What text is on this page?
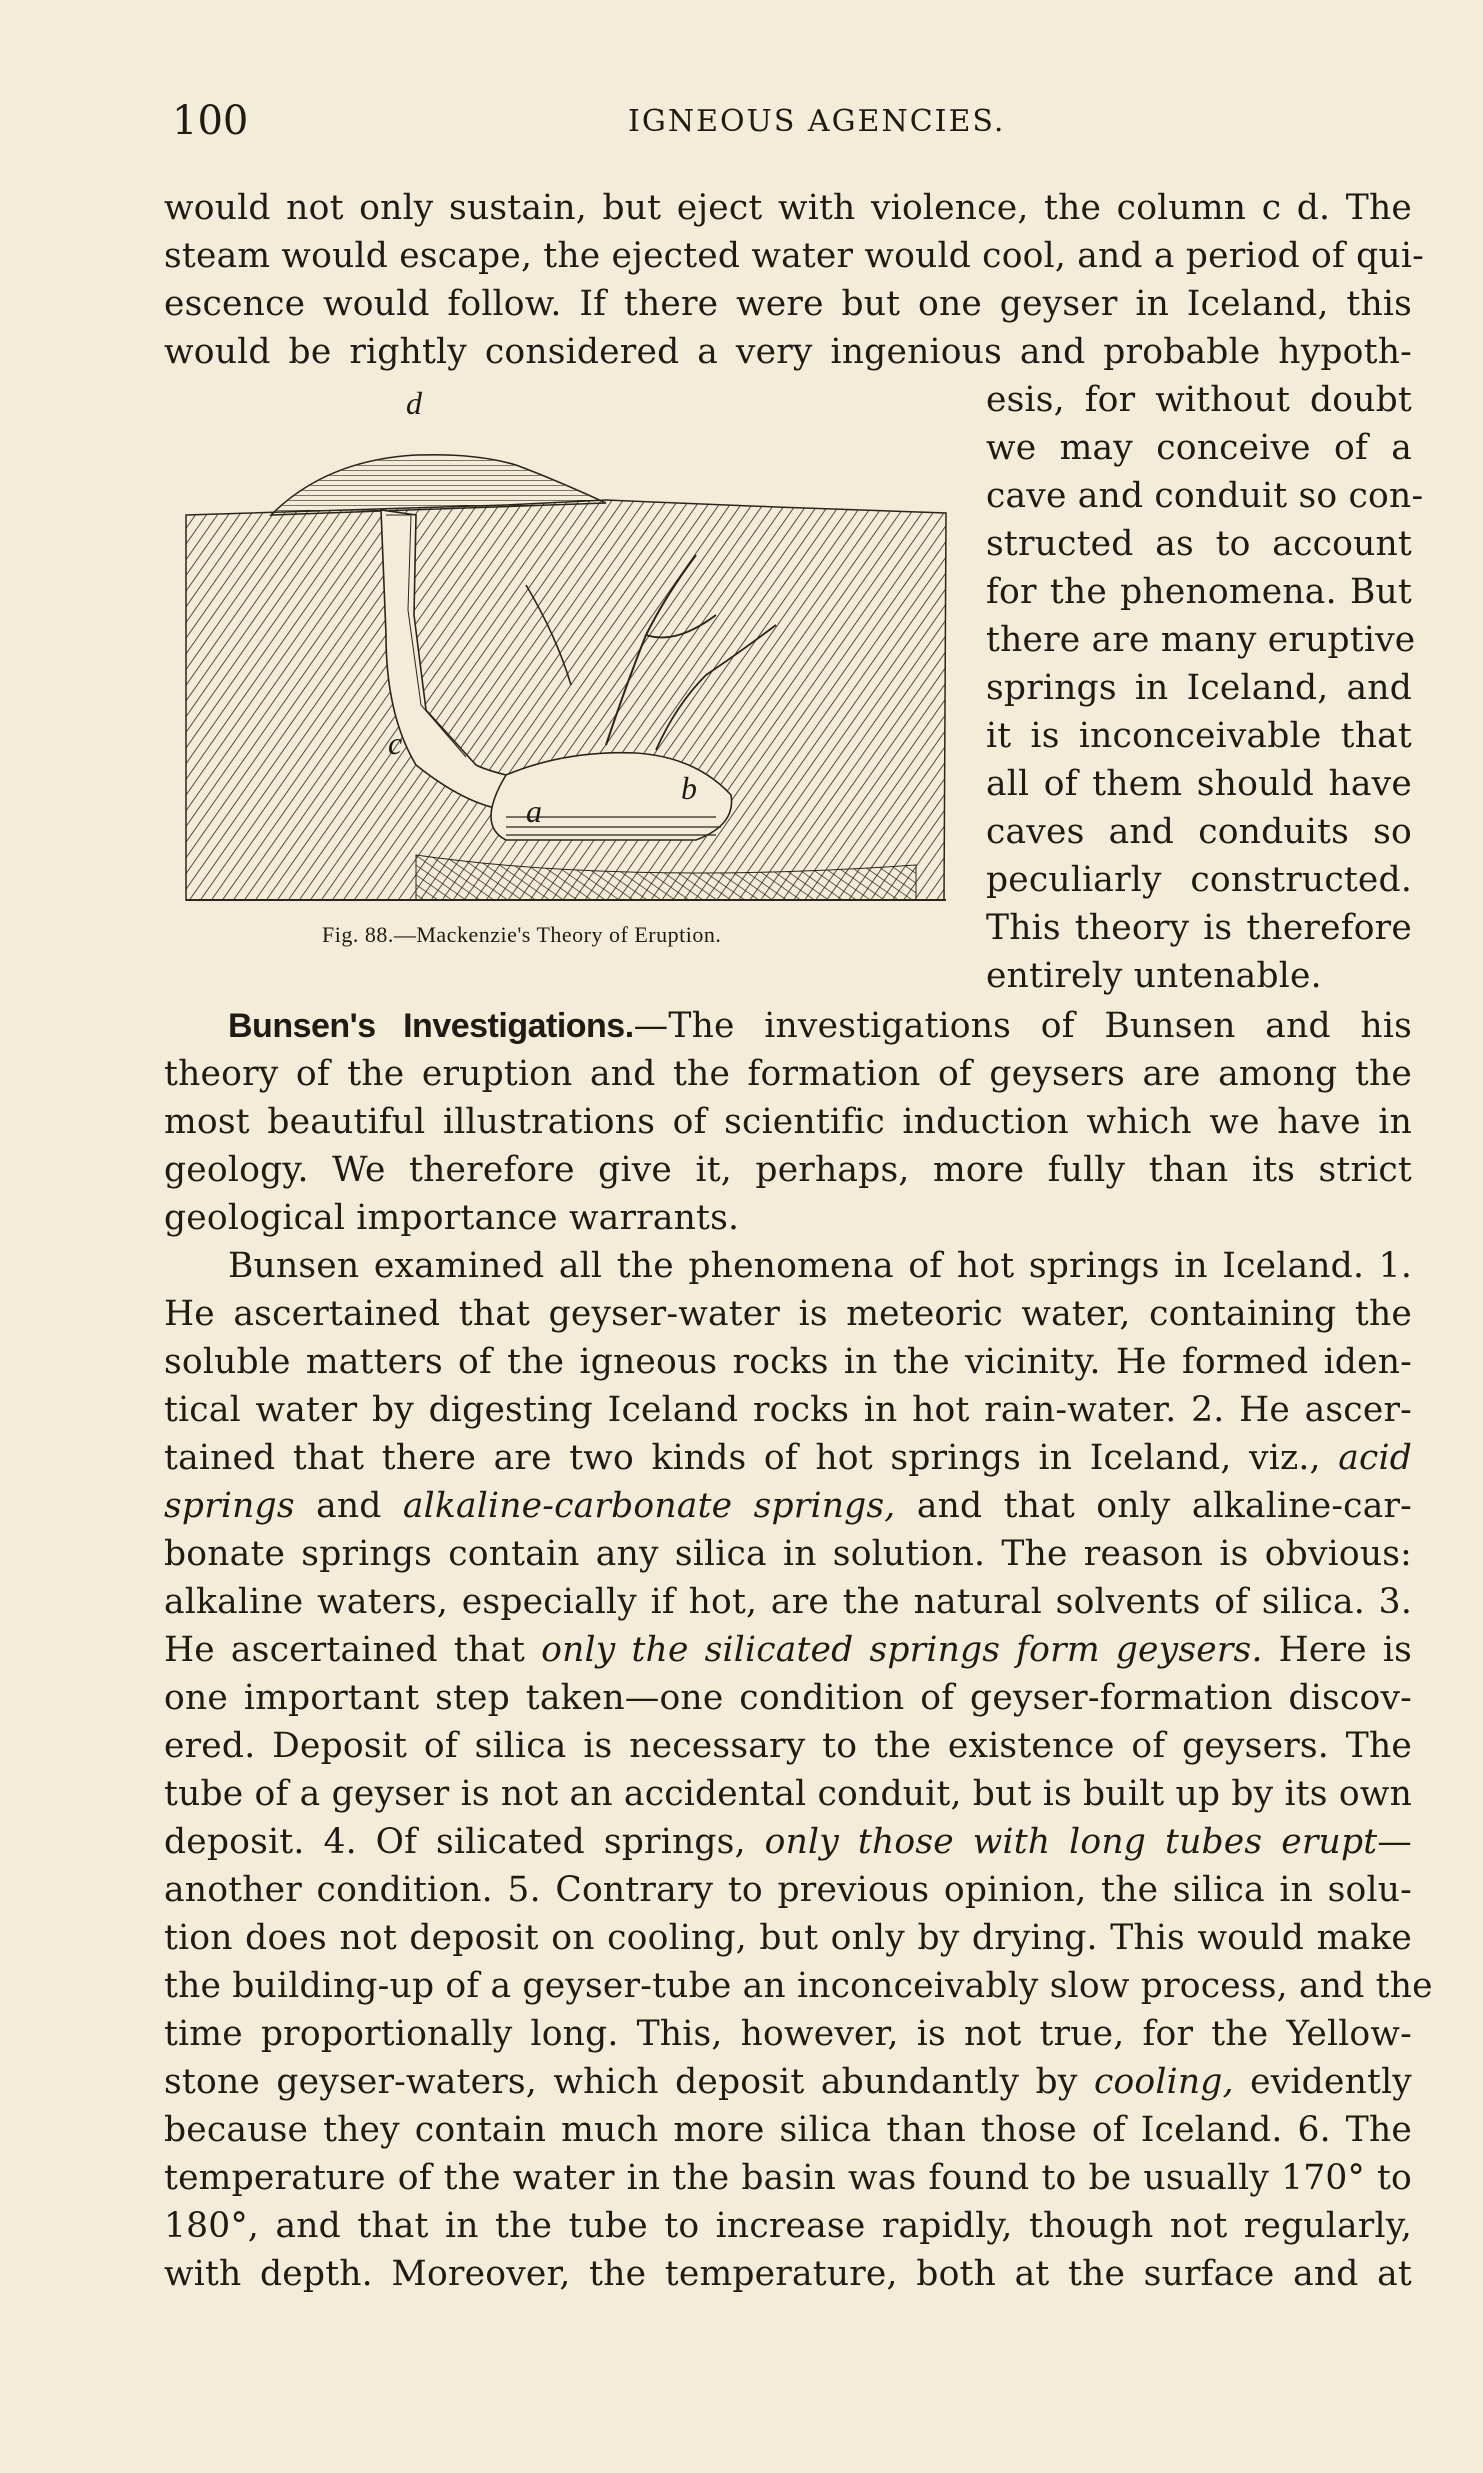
100	IGNEOUS AGENCIES.
would not only sustain, but eject with violence, the column c d. The
steam would escape, the ejected water would cool, and a period of qui-
escence would follow. If there were but one geyser in Iceland, this
would be rightly considered a very ingenious and probable hypoth-
d
c
b
a
Fig. 88.—Mackenzie's Theory of Eruption.
esis, for without doubt
we may conceive of a
cave and conduit so con-
structed as to account
for the phenomena. But
there are many eruptive
springs in Iceland, and
it is inconceivable that
all of them should have
caves and conduits so
peculiarly constructed.
This theory is therefore
entirely untenable.
Bunsen's Investigations.—The investigations of Bunsen and his
theory of the eruption and the formation of geysers are among the
most beautiful illustrations of scientific induction which we have in
geology. We therefore give it, perhaps, more fully than its strict
geological importance warrants.
Bunsen examined all the phenomena of hot springs in Iceland. 1.
He ascertained that geyser-water is meteoric water, containing the
soluble matters of the igneous rocks in the vicinity. He formed iden-
tical water by digesting Iceland rocks in hot rain-water. 2. He ascer-
tained that there are two kinds of hot springs in Iceland, viz., acid
springs and alkaline-carbonate springs, and that only alkaline-car-
bonate springs contain any silica in solution. The reason is obvious:
alkaline waters, especially if hot, are the natural solvents of silica. 3.
He ascertained that only the silicated springs form geysers. Here is
one important step taken—one condition of geyser-formation discov-
ered. Deposit of silica is necessary to the existence of geysers. The
tube of a geyser is not an accidental conduit, but is built up by its own
deposit. 4. Of silicated springs, only those with long tubes erupt—
another condition. 5. Contrary to previous opinion, the silica in solu-
tion does not deposit on cooling, but only by drying. This would make
the building-up of a geyser-tube an inconceivably slow process, and the
time proportionally long. This, however, is not true, for the Yellow-
stone geyser-waters, which deposit abundantly by cooling, evidently
because they contain much more silica than those of Iceland. 6. The
temperature of the water in the basin was found to be usually 170° to
180°, and that in the tube to increase rapidly, though not regularly,
with depth. Moreover, the temperature, both at the surface and at
